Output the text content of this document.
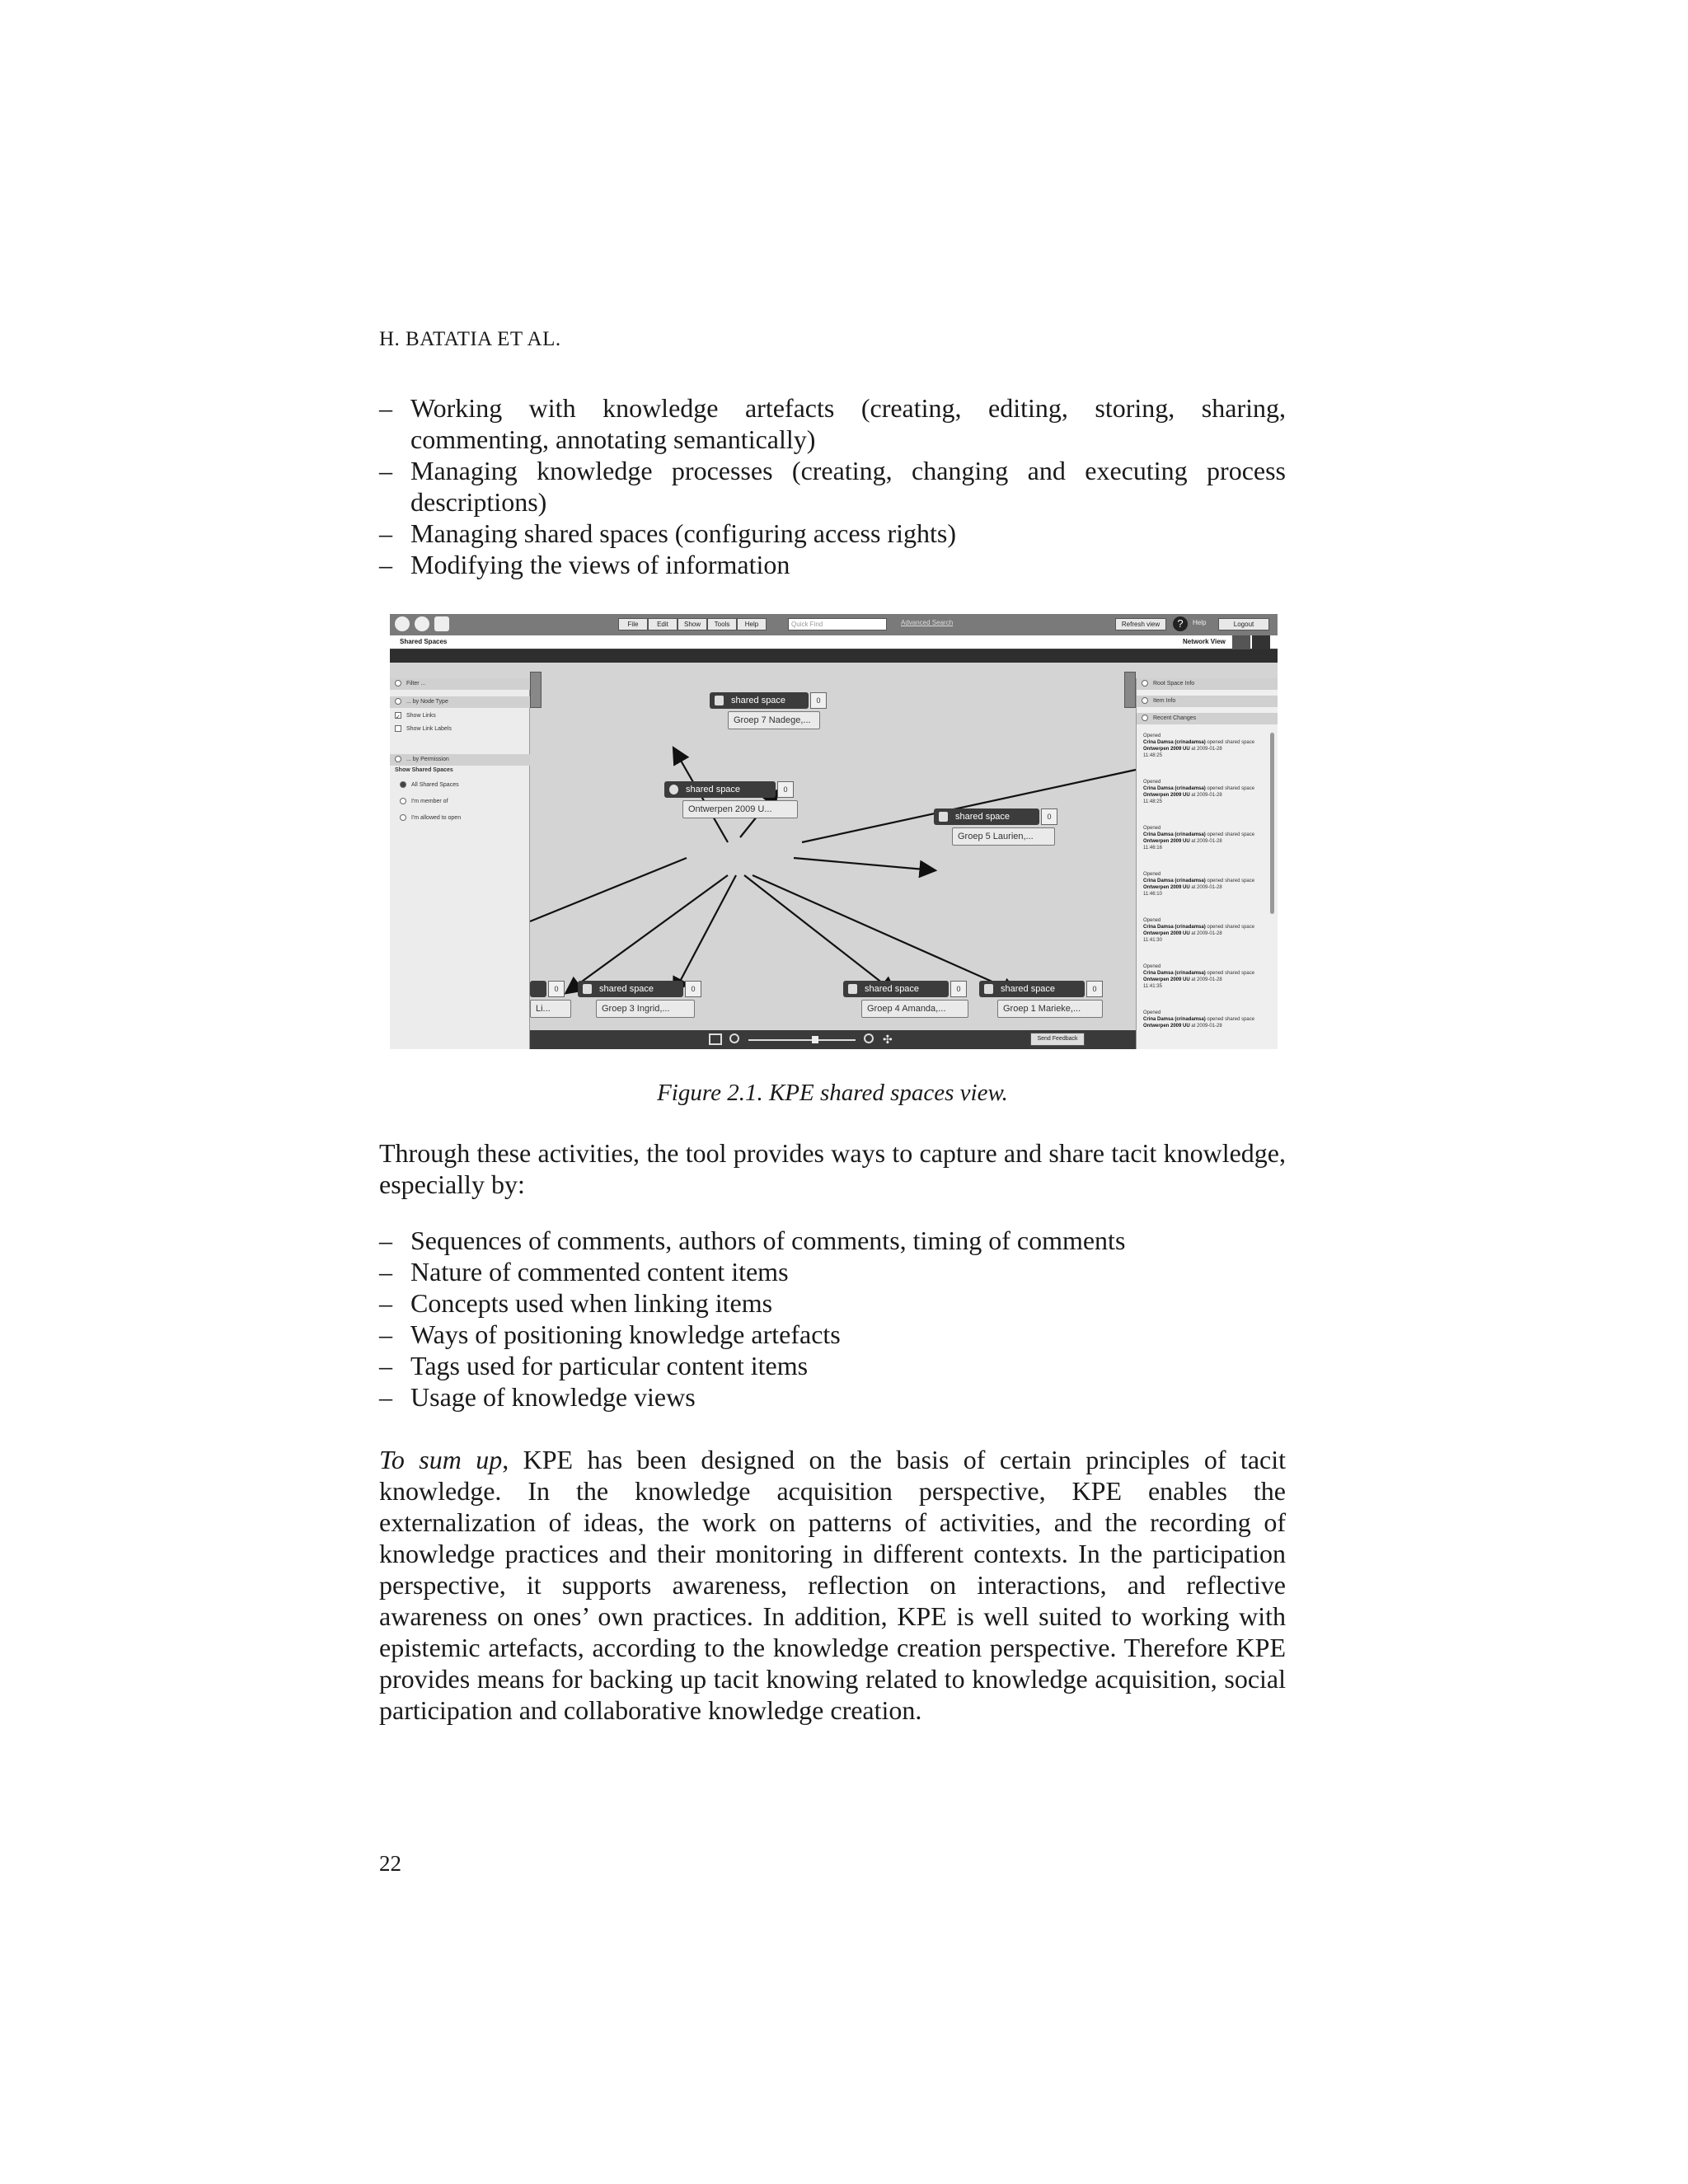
H. BATATIA ET AL.
– Working with knowledge artefacts (creating, editing, storing, sharing, commenting, annotating semantically)
– Managing knowledge processes (creating, changing and executing process descriptions)
– Managing shared spaces (configuring access rights)
– Modifying the views of information
File	Edit	Show	Tools	Help	Quick Find	Advanced Search	Refresh view	?	Help	Logout
Shared Spaces	Network View
shared space	0
Groep 7 Nadege,...
shared space	0
Ontwerpen 2009 U...
shared space	0
Groep 5 Laurien,...
0
Li...
shared space	0
Groep 3 Ingrid,...
shared space	0
Groep 4 Amanda,...
shared space	0
Groep 1 Marieke,...
Filter ...
... by Node Type
✓ Show Links
Show Link Labels
... by Permission
Show Shared Spaces
All Shared Spaces
I'm member of
I'm allowed to open
Root Space Info
Item Info
Recent Changes
Opened
Crina Damsa (crinadamsa) opened shared space Ontwerpen 2009 UU at 2009-01-28
11:48:25
Opened
Crina Damsa (crinadamsa) opened shared space Ontwerpen 2009 UU at 2009-01-28
11:48:25
Opened
Crina Damsa (crinadamsa) opened shared space Ontwerpen 2009 UU at 2009-01-28
11:46:16
Opened
Crina Damsa (crinadamsa) opened shared space Ontwerpen 2009 UU at 2009-01-28
11:46:10
Opened
Crina Damsa (crinadamsa) opened shared space Ontwerpen 2009 UU at 2009-01-28
11:41:30
Opened
Crina Damsa (crinadamsa) opened shared space Ontwerpen 2009 UU at 2009-01-28
11:41:35
Opened
Crina Damsa (crinadamsa) opened shared space Ontwerpen 2009 UU at 2009-01-28
✣	Send Feedback
Figure 2.1. KPE shared spaces view.
Through these activities, the tool provides ways to capture and share tacit knowledge, especially by:
– Sequences of comments, authors of comments, timing of comments
– Nature of commented content items
– Concepts used when linking items
– Ways of positioning knowledge artefacts
– Tags used for particular content items
– Usage of knowledge views
To sum up, KPE has been designed on the basis of certain principles of tacit knowledge. In the knowledge acquisition perspective, KPE enables the externalization of ideas, the work on patterns of activities, and the recording of knowledge practices and their monitoring in different contexts. In the participation perspective, it supports awareness, reflection on interactions, and reflective awareness on ones’ own practices. In addition, KPE is well suited to working with epistemic artefacts, according to the knowledge creation perspective. Therefore KPE provides means for backing up tacit knowing related to knowledge acquisition, social participation and collaborative knowledge creation.
22
